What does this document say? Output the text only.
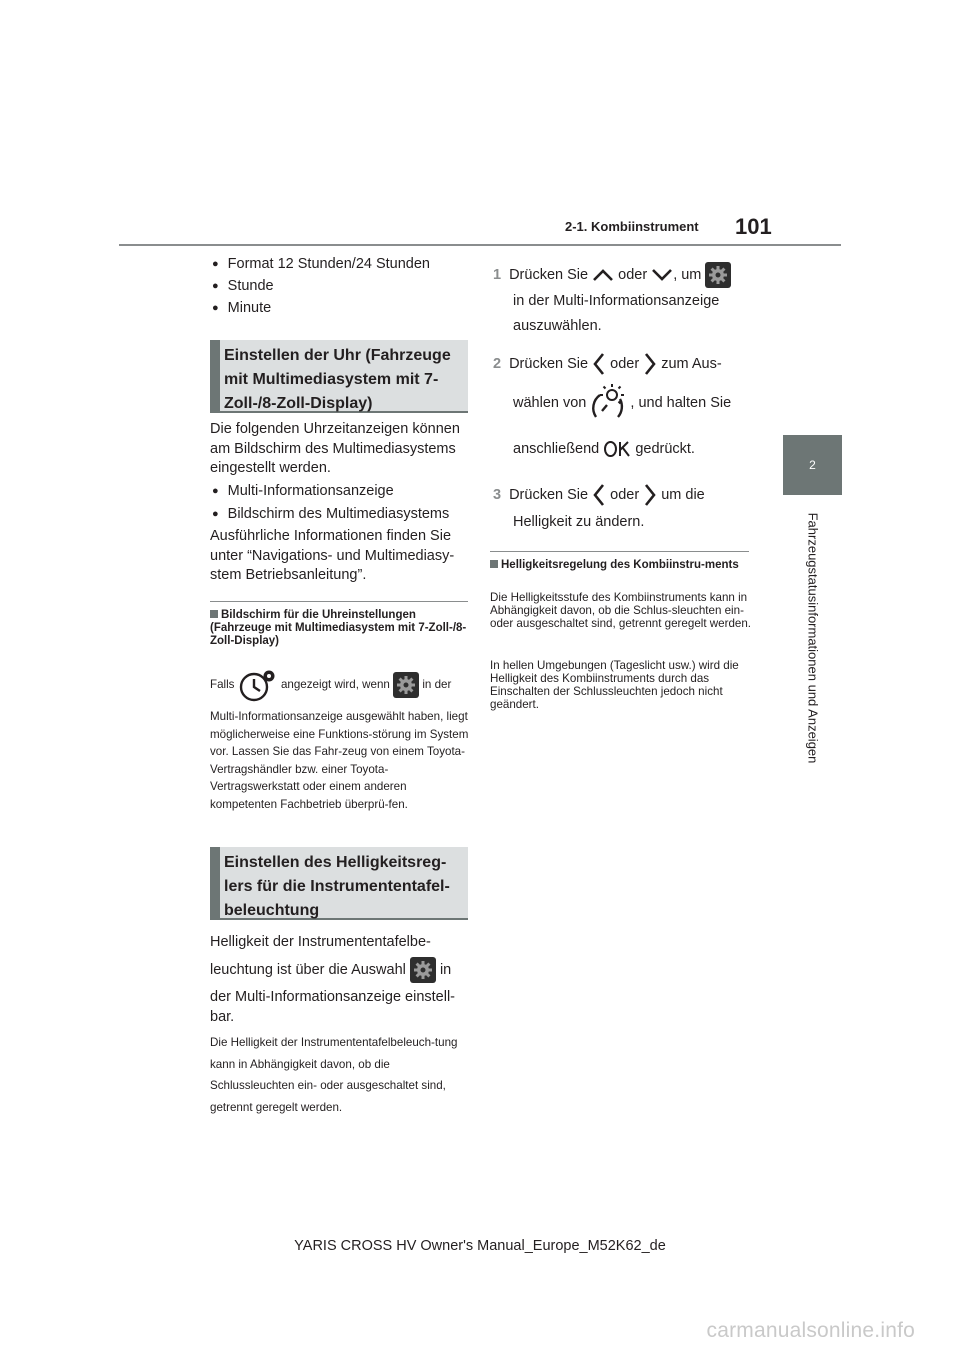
2-1. Kombiinstrument 101
2
Fahrzeugstatusinformationen und Anzeigen
● Format 12 Stunden/24 Stunden
● Stunde
● Minute
Einstellen der Uhr (Fahrzeuge mit Multimediasystem mit 7-Zoll-/8-Zoll-Display)
Die folgenden Uhrzeitanzeigen können am Bildschirm des Multimediasystems eingestellt werden.
● Multi-Informationsanzeige
● Bildschirm des Multimediasystems
Ausführliche Informationen finden Sie unter “Navigations- und Multimediasy-stem Betriebsanleitung”.
Bildschirm für die Uhreinstellungen (Fahrzeuge mit Multimediasystem mit 7-Zoll-/8-Zoll-Display)
Falls	angezeigt wird, wenn	in der
Multi-Informationsanzeige ausgewählt haben, liegt möglicherweise eine Funktions-störung im System vor. Lassen Sie das Fahr-zeug von einem Toyota-Vertragshändler bzw. einer Toyota-Vertragswerkstatt oder einem anderen kompetenten Fachbetrieb überprü-fen.
Einstellen des Helligkeitsreg-lers für die Instrumententafel-beleuchtung
Helligkeit der Instrumententafelbe-
leuchtung ist über die Auswahl in
der Multi-Informationsanzeige einstell-
bar.
Die Helligkeit der Instrumententafelbeleuch-tung kann in Abhängigkeit davon, ob die Schlussleuchten ein- oder ausgeschaltet sind, getrennt geregelt werden.
1 Drücken Sie oder , um
in der Multi-Informationsanzeige
auszuwählen.
2 Drücken Sie oder zum Aus-
wählen von	, und halten Sie
anschließend gedrückt.
3 Drücken Sie oder um die
Helligkeit zu ändern.
Helligkeitsregelung des Kombiinstru-ments
Die Helligkeitsstufe des Kombiinstruments kann in Abhängigkeit davon, ob die Schlus-sleuchten ein- oder ausgeschaltet sind, getrennt geregelt werden.
In hellen Umgebungen (Tageslicht usw.) wird die Helligkeit des Kombiinstruments durch das Einschalten der Schlussleuchten jedoch nicht geändert.
YARIS CROSS HV Owner's Manual_Europe_M52K62_de
carmanualsonline.info
